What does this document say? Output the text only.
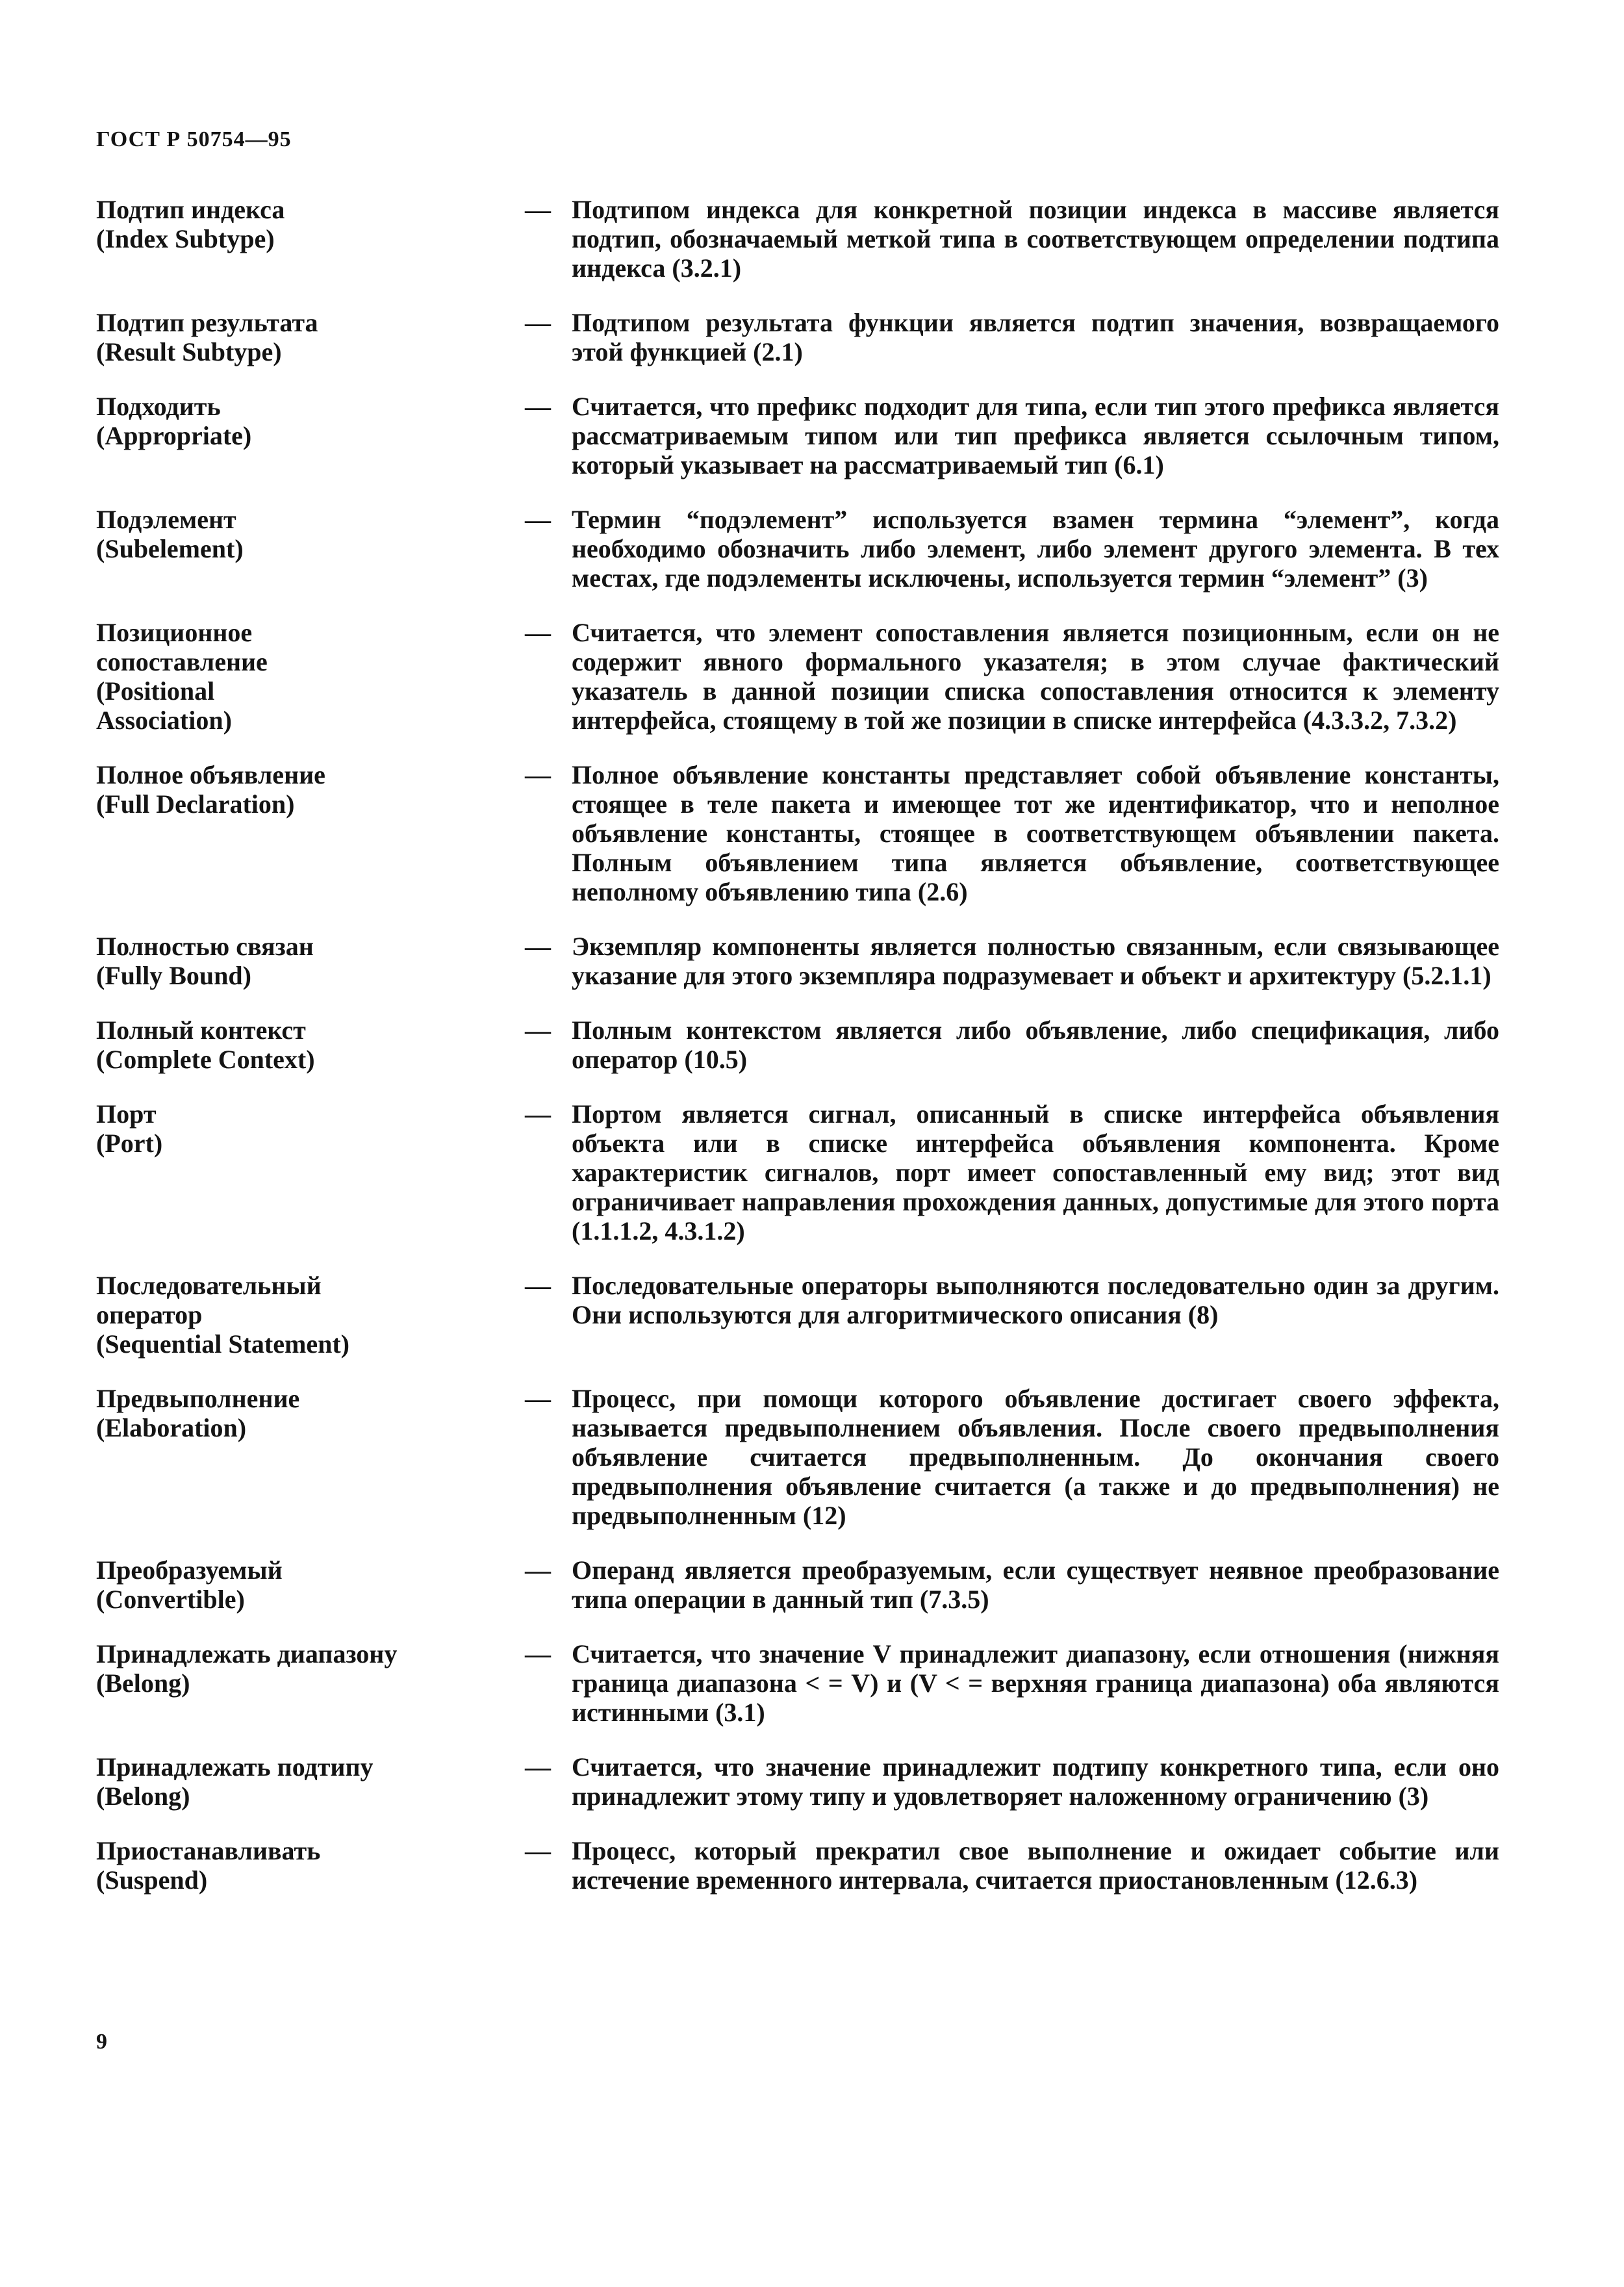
ГОСТ Р 50754—95
Подтип индекса
(Index Subtype)
— Подтипом индекса для конкретной позиции индекса в массиве является подтип, обозначаемый меткой типа в соответствующем определении подтипа индекса (3.2.1)
Подтип результата
(Result Subtype)
— Подтипом результата функции является подтип значения, возвращаемого этой функцией (2.1)
Подходить
(Appropriate)
— Считается, что префикс подходит для типа, если тип этого префикса является рассматриваемым типом или тип префикса является ссылочным типом, который указывает на рассматриваемый тип (6.1)
Подэлемент
(Subelement)
— Термин “подэлемент” используется взамен термина “элемент”, когда необходимо обозначить либо элемент, либо элемент другого элемента. В тех местах, где подэлементы исключены, используется термин “элемент” (3)
Позиционное
сопоставление
(Positional
Association)
— Считается, что элемент сопоставления является позиционным, если он не содержит явного формального указателя; в этом случае фактический указатель в данной позиции списка сопоставления относится к элементу интерфейса, стоящему в той же позиции в списке интерфейса (4.3.3.2, 7.3.2)
Полное объявление
(Full Declaration)
— Полное объявление константы представляет собой объявление константы, стоящее в теле пакета и имеющее тот же идентификатор, что и неполное объявление константы, стоящее в соответствующем объявлении пакета. Полным объявлением типа является объявление, соответствующее неполному объявлению типа (2.6)
Полностью связан
(Fully Bound)
— Экземпляр компоненты является полностью связанным, если связывающее указание для этого экземпляра подразумевает и объект и архитектуру (5.2.1.1)
Полный контекст
(Complete Context)
— Полным контекстом является либо объявление, либо спецификация, либо оператор (10.5)
Порт
(Port)
— Портом является сигнал, описанный в списке интерфейса объявления объекта или в списке интерфейса объявления компонента. Кроме характеристик сигналов, порт имеет сопоставленный ему вид; этот вид ограничивает направления прохождения данных, допустимые для этого порта (1.1.1.2, 4.3.1.2)
Последовательный
оператор
(Sequential Statement)
— Последовательные операторы выполняются последовательно один за другим. Они используются для алгоритмического описания (8)
Предвыполнение
(Elaboration)
— Процесс, при помощи которого объявление достигает своего эффекта, называется предвыполнением объявления. После своего предвыполнения объявление считается предвыполненным. До окончания своего предвыполнения объявление считается (а также и до предвыполнения) не предвыполненным (12)
Преобразуемый
(Convertible)
— Операнд является преобразуемым, если существует неявное преобразование типа операции в данный тип (7.3.5)
Принадлежать диапазону
(Belong)
— Считается, что значение V принадлежит диапазону, если отношения (нижняя граница диапазона < = V) и (V < = верхняя граница диапазона) оба являются истинными (3.1)
Принадлежать подтипу
(Belong)
— Считается, что значение принадлежит подтипу конкретного типа, если оно принадлежит этому типу и удовлетворяет наложенному ограничению (3)
Приостанавливать
(Suspend)
— Процесс, который прекратил свое выполнение и ожидает событие или истечение временного интервала, считается приостановленным (12.6.3)
9
